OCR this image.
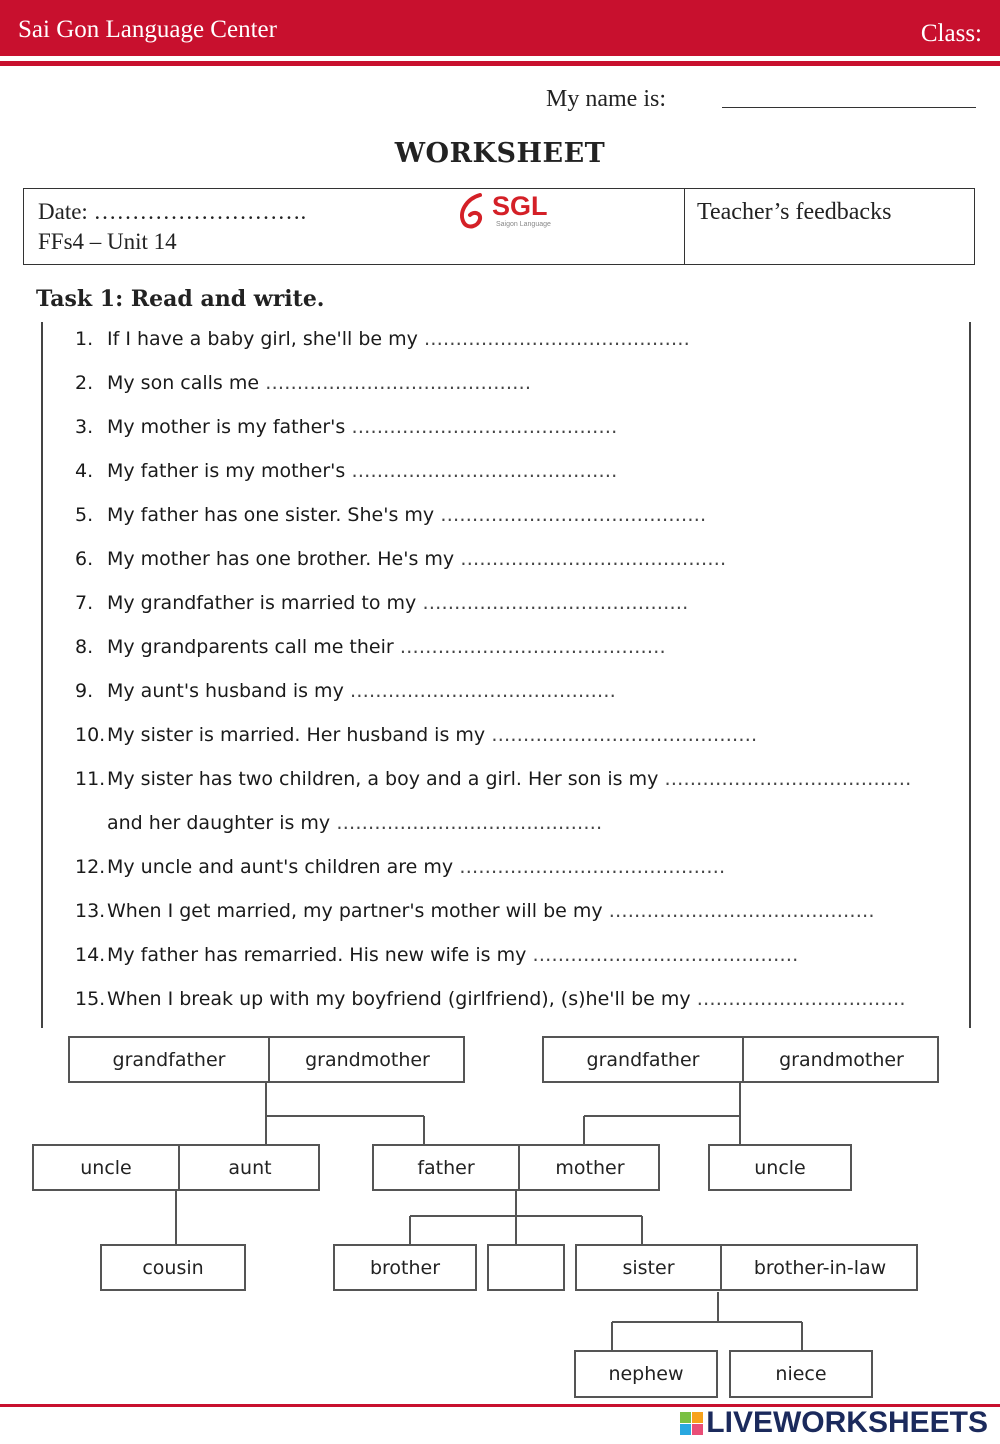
Sai Gon Language Center	Class:
My name is:
WORKSHEET
Date: ……………………….
FFs4 – Unit 14
SGL
Saigon Language	Teacher’s feedbacks
Task 1: Read and write.
1. If I have a baby girl, she'll be my ……………………………………
2. My son calls me ……………………………………
3. My mother is my father's ……………………………………
4. My father is my mother's ……………………………………
5. My father has one sister. She's my ……………………………………
6. My mother has one brother. He's my ……………………………………
7. My grandfather is married to my ……………………………………
8. My grandparents call me their ……………………………………
9. My aunt's husband is my ……………………………………
10.My sister is married. Her husband is my ……………………………………
11.My sister has two children, a boy and a girl. Her son is my …………………………………
and her daughter is my ……………………………………
12.My uncle and aunt's children are my ……………………………………
13.When I get married, my partner's mother will be my ……………………………………
14.My father has remarried. His new wife is my ……………………………………
15.When I break up with my boyfriend (girlfriend), (s)he'll be my ……………………………
grandfather	grandmother	grandfather	grandmother
uncle	aunt	father	mother	uncle
cousin	brother	sister	brother-in-law
nephew	niece
LIVEWORKSHEETS
